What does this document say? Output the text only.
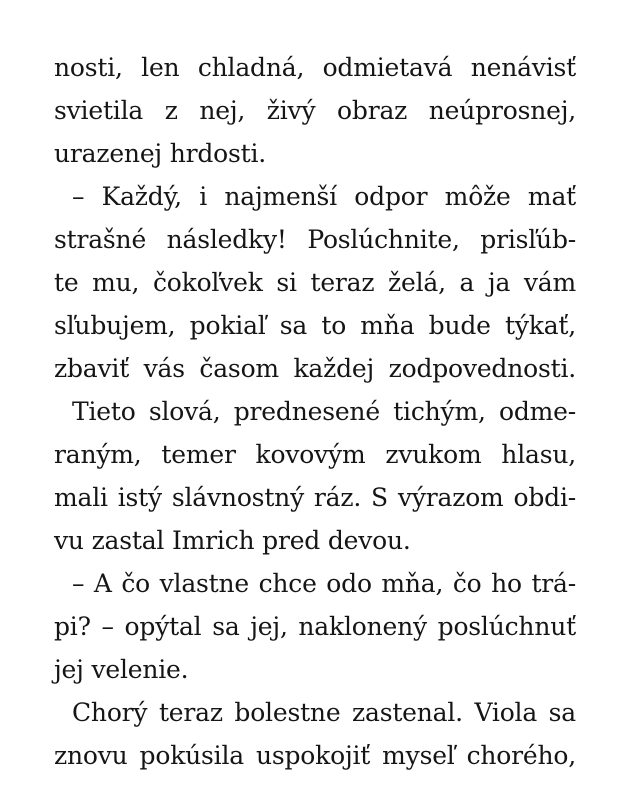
nosti, len chladná, odmietavá nenávisť
svietila z nej, živý obraz neúprosnej,
urazenej hrdosti.
– Každý, i najmenší odpor môže mať
strašné následky! Poslúchnite, prisľúb-
te mu, čokoľvek si teraz želá, a ja vám
sľubujem, pokiaľ sa to mňa bude týkať,
zbaviť vás časom každej zodpovednosti.
Tieto slová, prednesené tichým, odme-
raným, temer kovovým zvukom hlasu,
mali istý slávnostný ráz. S výrazom obdi-
vu zastal Imrich pred devou.
– A čo vlastne chce odo mňa, čo ho trá-
pi? – opýtal sa jej, naklonený poslúchnuť
jej velenie.
Chorý teraz bolestne zastenal. Viola sa
znovu pokúsila uspokojiť myseľ chorého,
